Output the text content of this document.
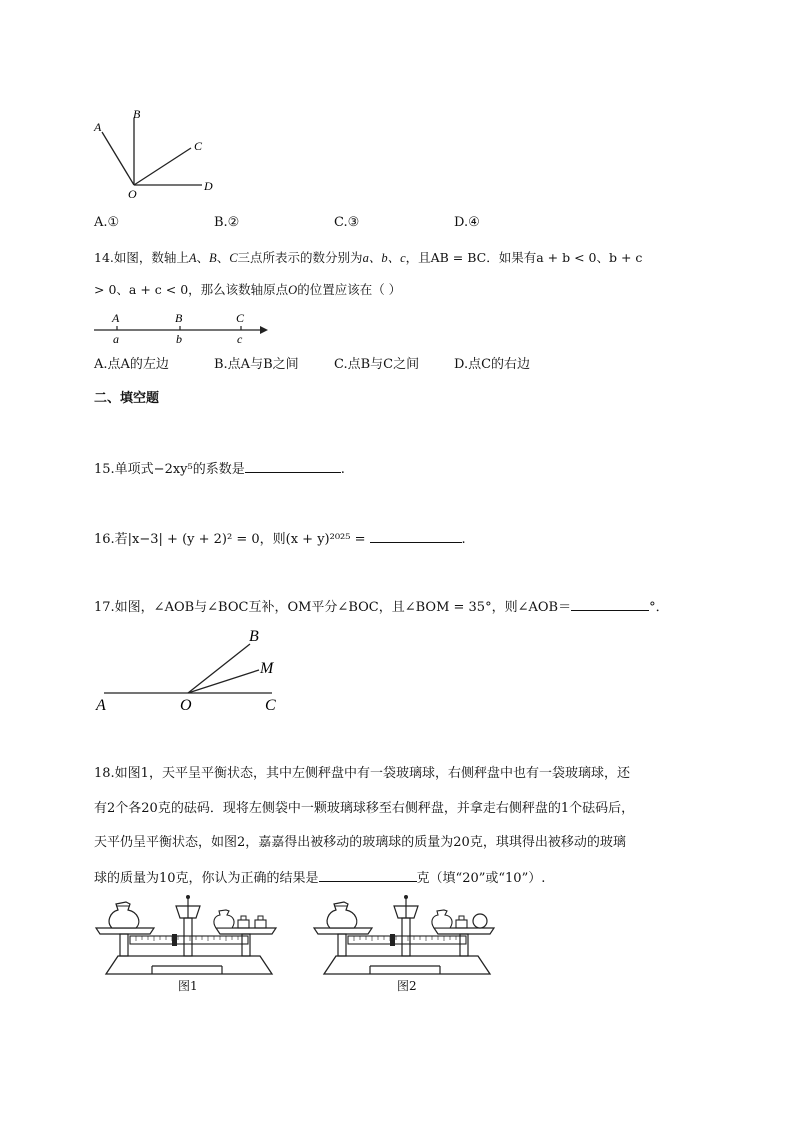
A
B
C
O
D
A.①	B.②	C.③	D.④
14.如图，数轴上A、B、C三点所表示的数分别为a、b、c，且AB = BC．如果有a + b < 0、b + c
> 0、a + c < 0，那么该数轴原点O的位置应该在（ ）
A	B	C
a	b	c
A.点A的左边	B.点A与B之间	C.点B与C之间	D.点C的右边
二、填空题
15.单项式−2xy⁵的系数是	.
16.若|x−3| + (y + 2)² = 0，则(x + y)²⁰²⁵ =	.
17.如图，∠AOB与∠BOC互补，OM平分∠BOC，且∠BOM = 35°，则∠AOB＝	°．
B
M
A	O	C
18.如图1，天平呈平衡状态，其中左侧秤盘中有一袋玻璃球，右侧秤盘中也有一袋玻璃球，还
有2个各20克的砝码．现将左侧袋中一颗玻璃球移至右侧秤盘，并拿走右侧秤盘的1个砝码后，
天平仍呈平衡状态，如图2，嘉嘉得出被移动的玻璃球的质量为20克，琪琪得出被移动的玻璃
球的质量为10克，你认为正确的结果是	克（填“20”或“10”）.
图1	图2
